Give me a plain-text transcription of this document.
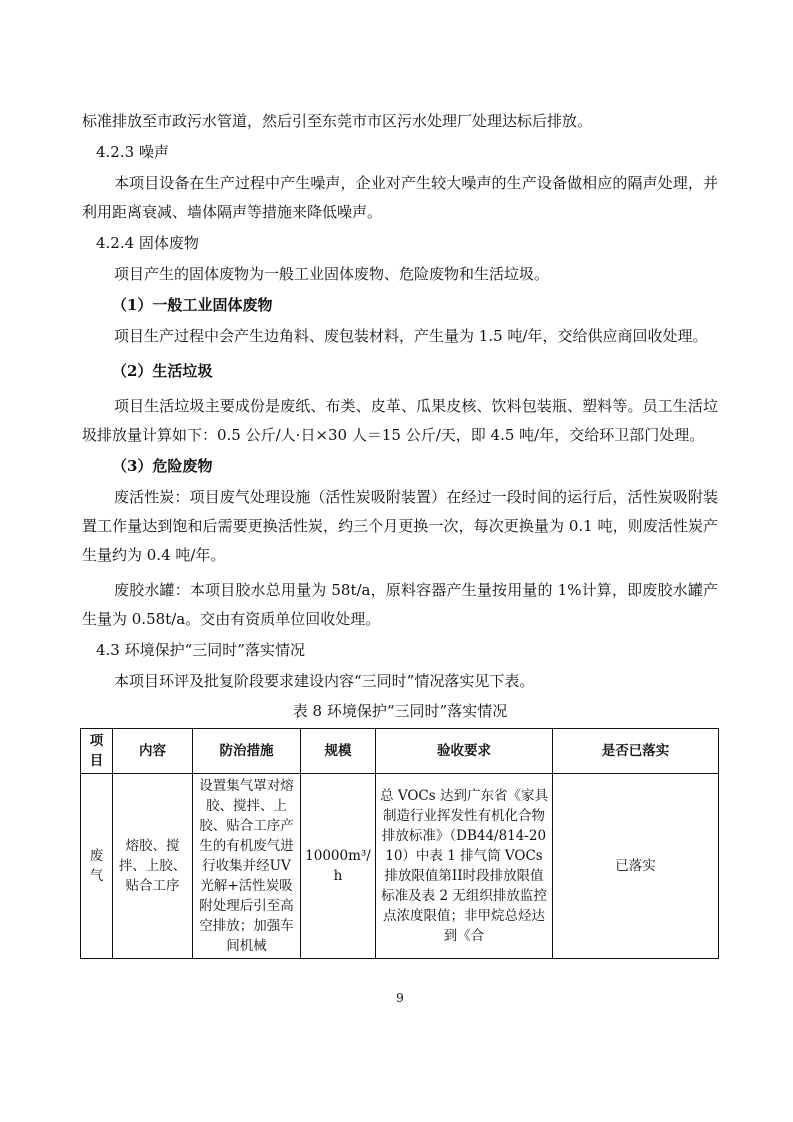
标准排放至市政污水管道，然后引至东莞市市区污水处理厂处理达标后排放。
4.2.3 噪声
本项目设备在生产过程中产生噪声，企业对产生较大噪声的生产设备做相应的隔声处理，并利用距离衰减、墙体隔声等措施来降低噪声。
4.2.4 固体废物
项目产生的固体废物为一般工业固体废物、危险废物和生活垃圾。
（1）一般工业固体废物
项目生产过程中会产生边角料、废包装材料，产生量为 1.5 吨/年，交给供应商回收处理。
（2）生活垃圾
项目生活垃圾主要成份是废纸、布类、皮革、瓜果皮核、饮料包装瓶、塑料等。员工生活垃圾排放量计算如下：0.5 公斤/人·日×30 人＝15 公斤/天，即 4.5 吨/年，交给环卫部门处理。
（3）危险废物
废活性炭：项目废气处理设施（活性炭吸附装置）在经过一段时间的运行后，活性炭吸附装置工作量达到饱和后需要更换活性炭，约三个月更换一次，每次更换量为 0.1 吨，则废活性炭产生量约为 0.4 吨/年。
废胶水罐：本项目胶水总用量为 58t/a，原料容器产生量按用量的 1%计算，即废胶水罐产生量为 0.58t/a。交由有资质单位回收处理。
4.3 环境保护“三同时”落实情况
本项目环评及批复阶段要求建设内容“三同时”情况落实见下表。
表 8 环境保护“三同时”落实情况
项目	内容	防治措施	规模	验收要求	是否已落实
废气	熔胶、搅拌、上胶、贴合工序	设置集气罩对熔胶、搅拌、上胶、贴合工序产生的有机废气进行收集并经UV 光解+活性炭吸附处理后引至高空排放；加强车间机械	10000m³/h	总 VOCs 达到广东省《家具制造行业挥发性有机化合物排放标准》（DB44/814-2010）中表 1 排气筒 VOCs 排放限值第II时段排放限值标准及表 2 无组织排放监控点浓度限值；非甲烷总烃达到《合	已落实
9
